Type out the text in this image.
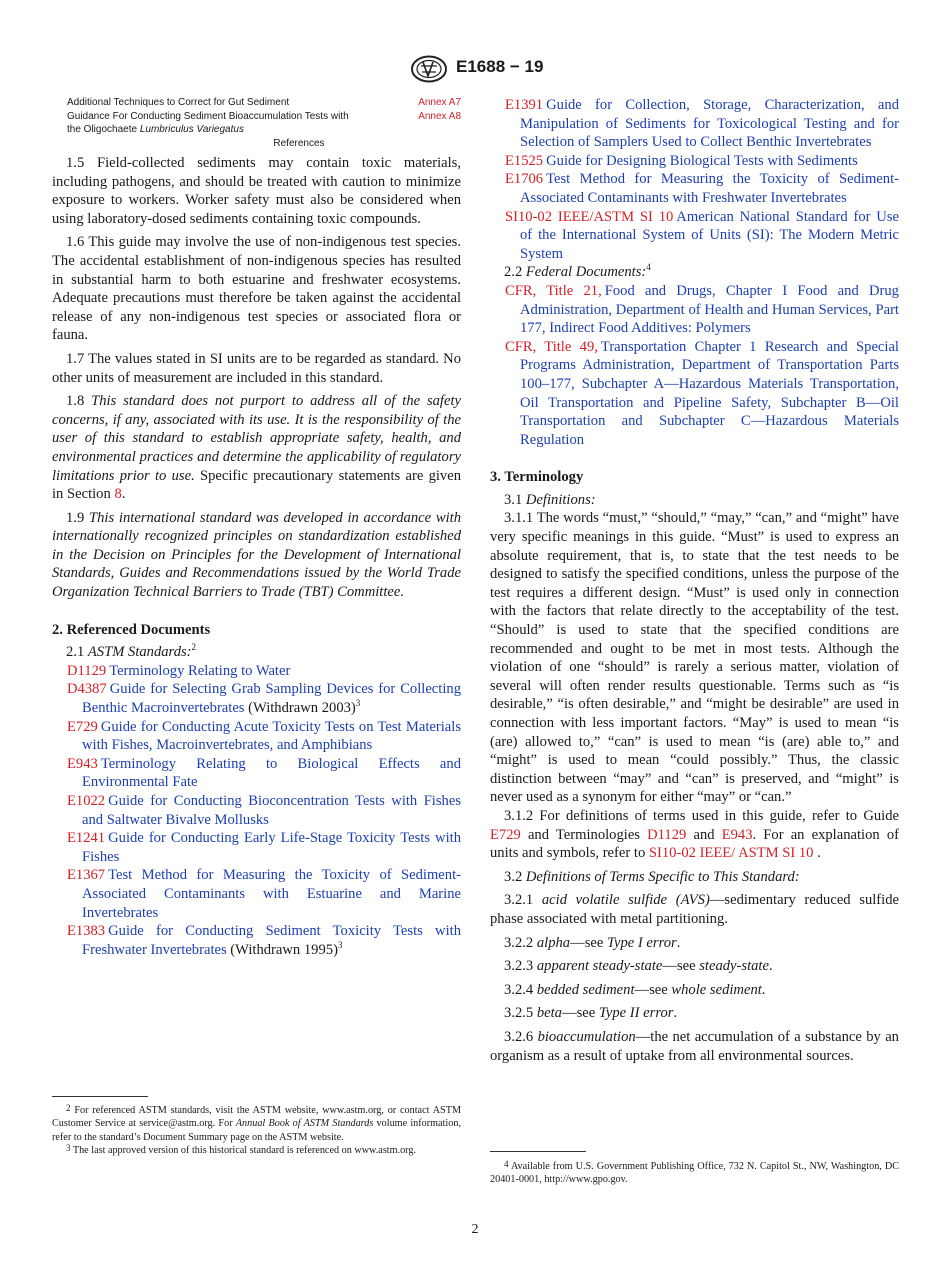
E1688 − 19
Additional Techniques to Correct for Gut Sediment	Annex A7
Guidance For Conducting Sediment Bioaccumulation Tests with	Annex A8

the Oligochaete Lumbriculus Variegatus
References

1.5 Field-collected sediments may contain toxic materials, including pathogens, and should be treated with caution to minimize exposure to workers. Worker safety must also be considered when using laboratory-dosed sediments containing toxic compounds.

1.6 This guide may involve the use of non-indigenous test species. The accidental establishment of non-indigenous species has resulted in substantial harm to both estuarine and freshwater ecosystems. Adequate precautions must therefore be taken against the accidental release of any non-indigenous test species or associated flora or fauna.

1.7 The values stated in SI units are to be regarded as standard. No other units of measurement are included in this standard.

1.8 This standard does not purport to address all of the safety concerns, if any, associated with its use. It is the responsibility of the user of this standard to establish appropriate safety, health, and environmental practices and determine the applicability of regulatory limitations prior to use. Specific precautionary statements are given in Section 8.

1.9 This international standard was developed in accordance with internationally recognized principles on standardization established in the Decision on Principles for the Development of International Standards, Guides and Recommendations issued by the World Trade Organization Technical Barriers to Trade (TBT) Committee.

2. Referenced Documents

2.1 ASTM Standards:$^2$

D1129 Terminology Relating to Water

D4387 Guide for Selecting Grab Sampling Devices for Collecting Benthic Macroinvertebrates (Withdrawn 2003)$^3$

E729 Guide for Conducting Acute Toxicity Tests on Test Materials with Fishes, Macroinvertebrates, and Amphibians

E943 Terminology Relating to Biological Effects and Environmental Fate

E1022 Guide for Conducting Bioconcentration Tests with Fishes and Saltwater Bivalve Mollusks

E1241 Guide for Conducting Early Life-Stage Toxicity Tests with Fishes

E1367 Test Method for Measuring the Toxicity of Sediment-Associated Contaminants with Estuarine and Marine Invertebrates

E1383 Guide for Conducting Sediment Toxicity Tests with Freshwater Invertebrates (Withdrawn 1995)$^3$

2 For referenced ASTM standards, visit the ASTM website, www.astm.org, or contact ASTM Customer Service at service@astm.org. For Annual Book of ASTM Standards volume information, refer to the standard’s Document Summary page on the ASTM website.

3 The last approved version of this historical standard is referenced on www.astm.org.

E1391 Guide for Collection, Storage, Characterization, and Manipulation of Sediments for Toxicological Testing and for Selection of Samplers Used to Collect Benthic Invertebrates

E1525 Guide for Designing Biological Tests with Sediments

E1706 Test Method for Measuring the Toxicity of Sediment-Associated Contaminants with Freshwater Invertebrates

SI10-02 IEEE/ASTM SI 10 American National Standard for Use of the International System of Units (SI): The Modern Metric System

2.2 Federal Documents:$^4$

CFR, Title 21, Food and Drugs, Chapter I Food and Drug Administration, Department of Health and Human Services, Part 177, Indirect Food Additives: Polymers

CFR, Title 49, Transportation Chapter 1 Research and Special Programs Administration, Department of Transportation Parts 100–177, Subchapter A—Hazardous Materials Transportation, Oil Transportation and Pipeline Safety, Subchapter B—Oil Transportation and Subchapter C—Hazardous Materials Regulation

3. Terminology

3.1 Definitions:

3.1.1 The words “must,” “should,” “may,” “can,” and “might” have very specific meanings in this guide. “Must” is used to express an absolute requirement, that is, to state that the test needs to be designed to satisfy the specified conditions, unless the purpose of the test requires a different design. “Must” is used only in connection with the factors that relate directly to the acceptability of the test. “Should” is used to state that the specified conditions are recommended and ought to be met in most tests. Although the violation of one “should” is rarely a serious matter, violation of several will often render results questionable. Terms such as “is desirable,” “is often desirable,” and “might be desirable” are used in connection with less important factors. “May” is used to mean “is (are) allowed to,” “can” is used to mean “is (are) able to,” and “might” is used to mean “could possibly.” Thus, the classic distinction between “may” and “can” is preserved, and “might” is never used as a synonym for either “may” or “can.”

3.1.2 For definitions of terms used in this guide, refer to Guide E729 and Terminologies D1129 and E943. For an explanation of units and symbols, refer to SI10-02 IEEE/ ASTM SI 10 .

3.2 Definitions of Terms Specific to This Standard:

3.2.1 acid volatile sulfide (AVS)—sedimentary reduced sulfide phase associated with metal partitioning.

3.2.2 alpha—see Type I error.

3.2.3 apparent steady-state—see steady-state.

3.2.4 bedded sediment—see whole sediment.

3.2.5 beta—see Type II error.

3.2.6 bioaccumulation—the net accumulation of a substance by an organism as a result of uptake from all environmental sources.

4 Available from U.S. Government Publishing Office, 732 N. Capitol St., NW, Washington, DC 20401-0001, http://www.gpo.gov.

2
